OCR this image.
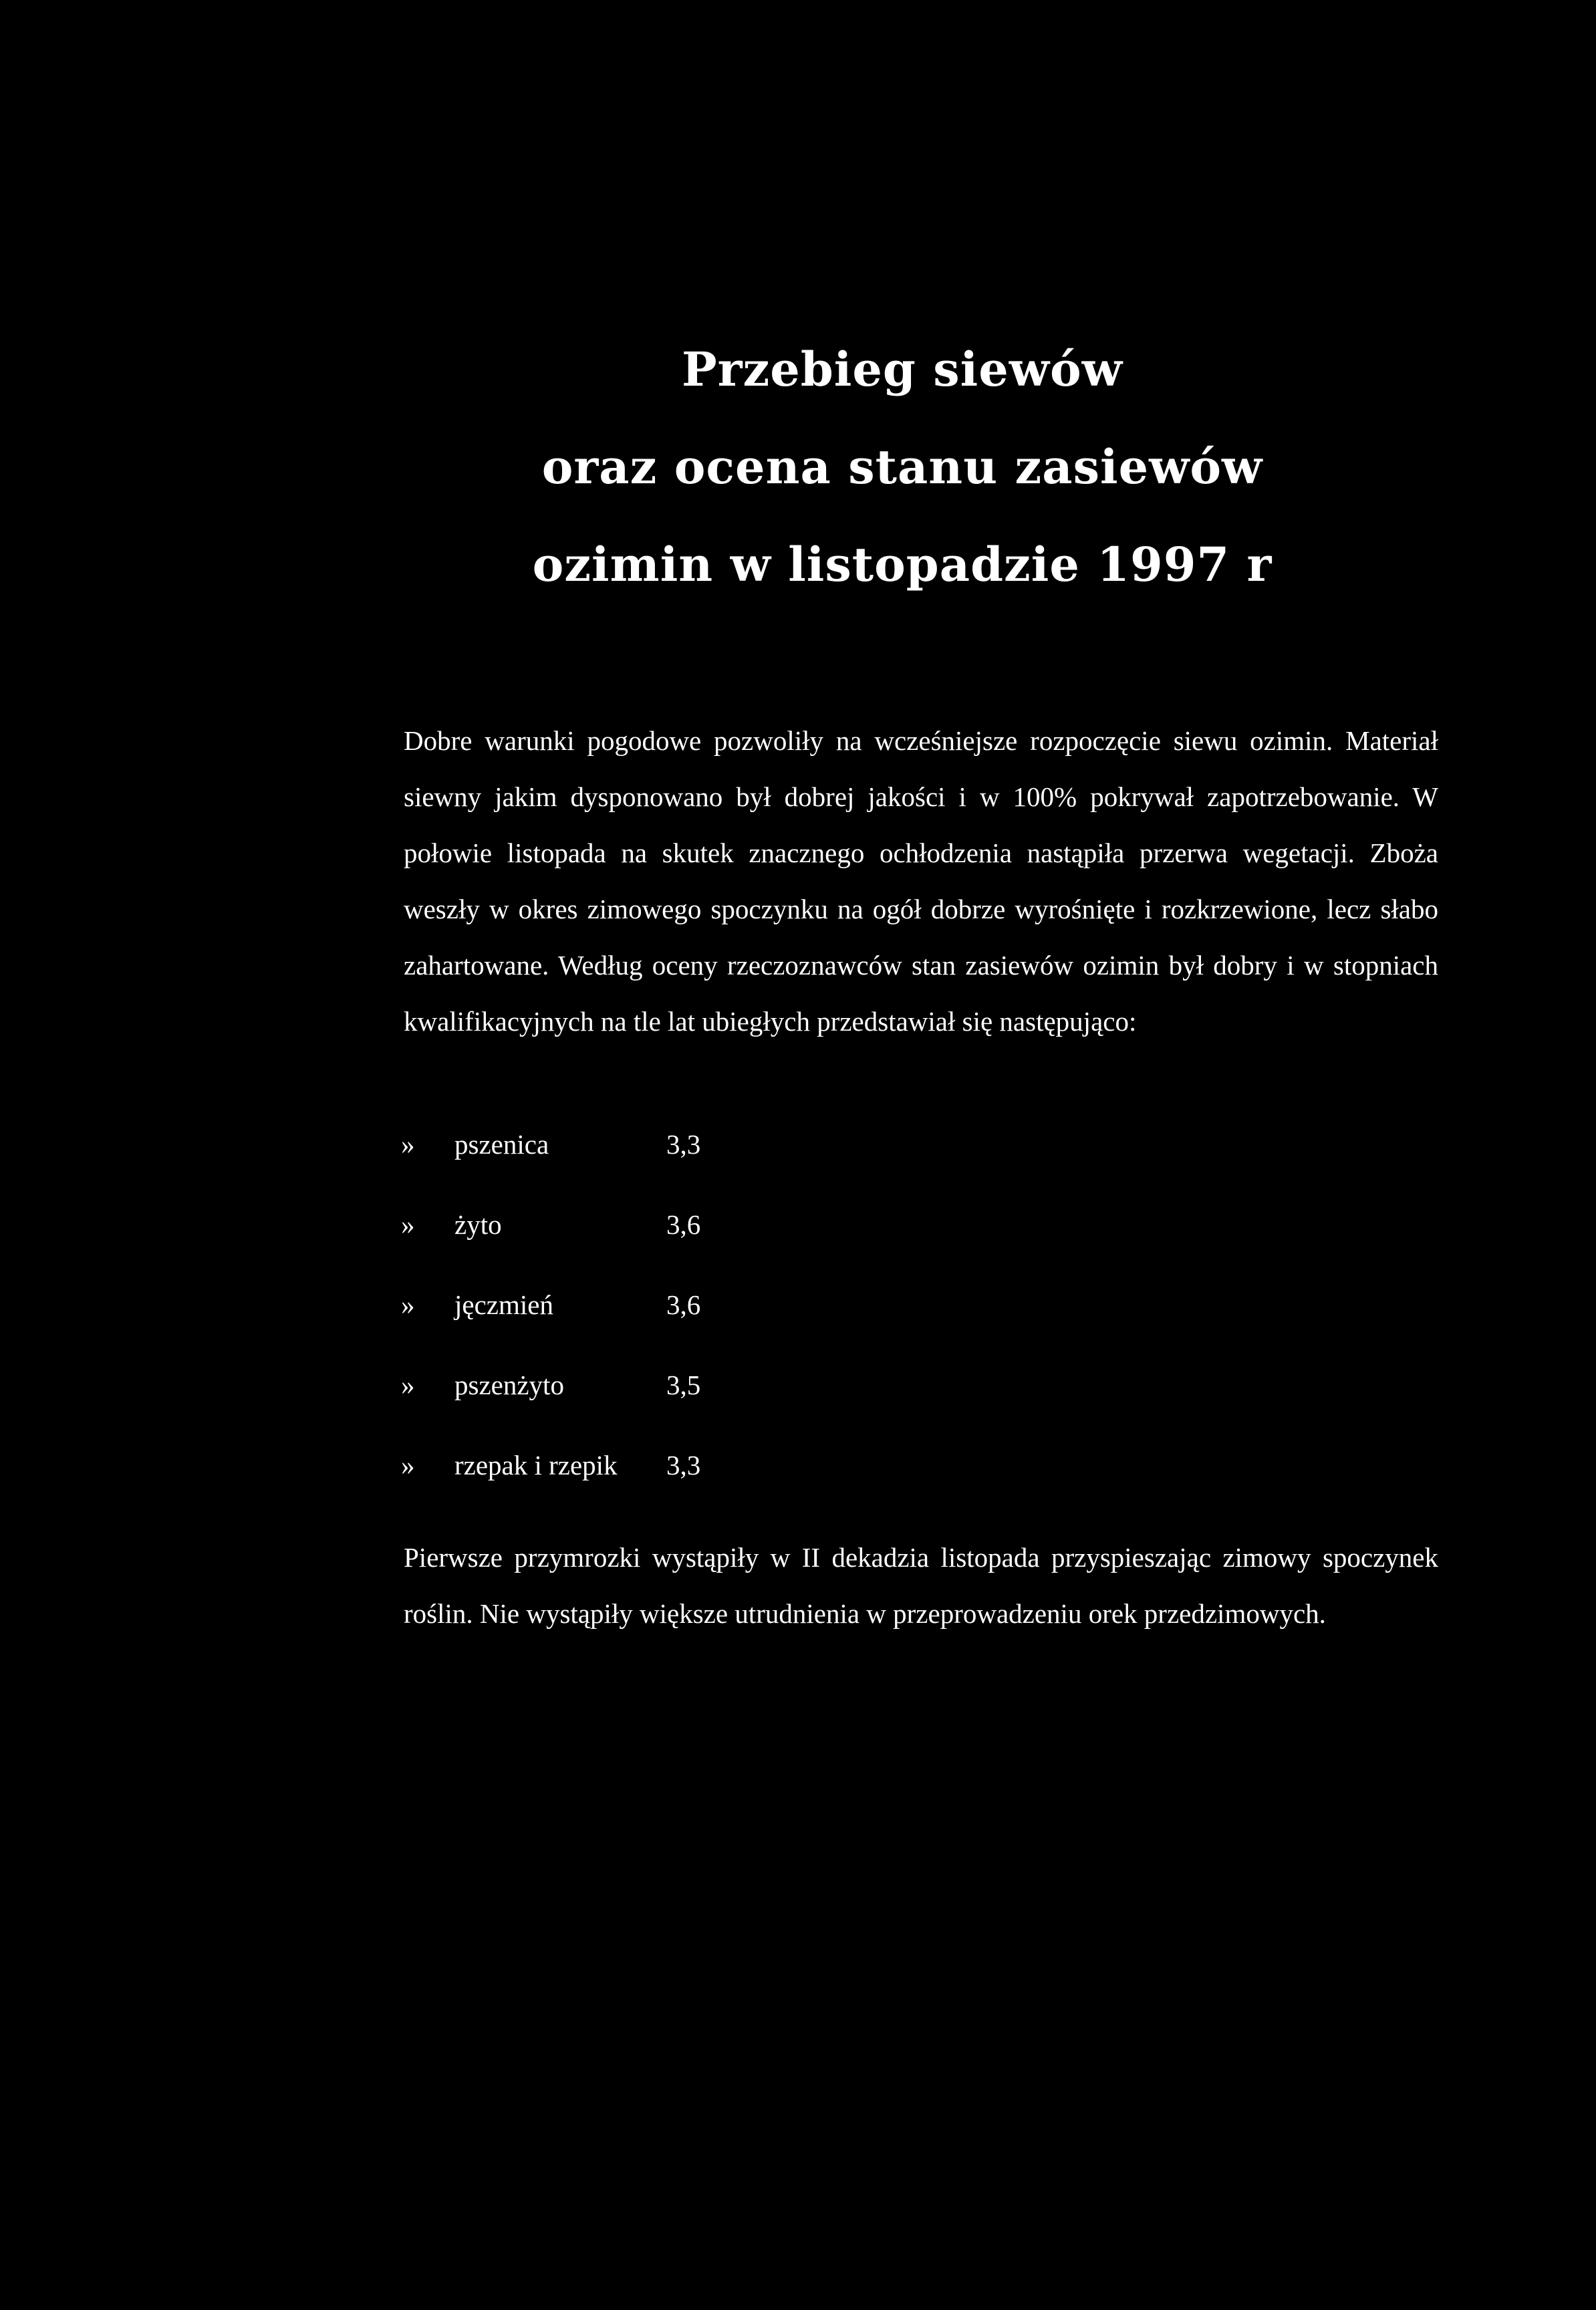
Przebieg siewów
oraz ocena stanu zasiewów
ozimin w listopadzie 1997 r

Dobre warunki pogodowe pozwoliły na wcześniejsze rozpoczęcie siewu ozimin. Materiał siewny jakim dysponowano był dobrej jakości i w 100% pokrywał zapotrzebowanie. W połowie listopada na skutek znacznego ochłodzenia nastąpiła przerwa wegetacji. Zboża weszły w okres zimowego spoczynku na ogół dobrze wyrośnięte i rozkrzewione, lecz słabo zahartowane. Według oceny rzeczoznawców stan zasiewów ozimin był dobry i w stopniach kwalifikacyjnych na tle lat ubiegłych przedstawiał się następująco:

»	pszenica	3,3
»	żyto	3,6
»	jęczmień	3,6
»	pszenżyto	3,5
»	rzepak i rzepik	3,3

Pierwsze przymrozki wystąpiły w II dekadzia listopada przyspieszając zimowy spoczynek roślin. Nie wystąpiły większe utrudnienia w przeprowadzeniu orek przedzimowych.
